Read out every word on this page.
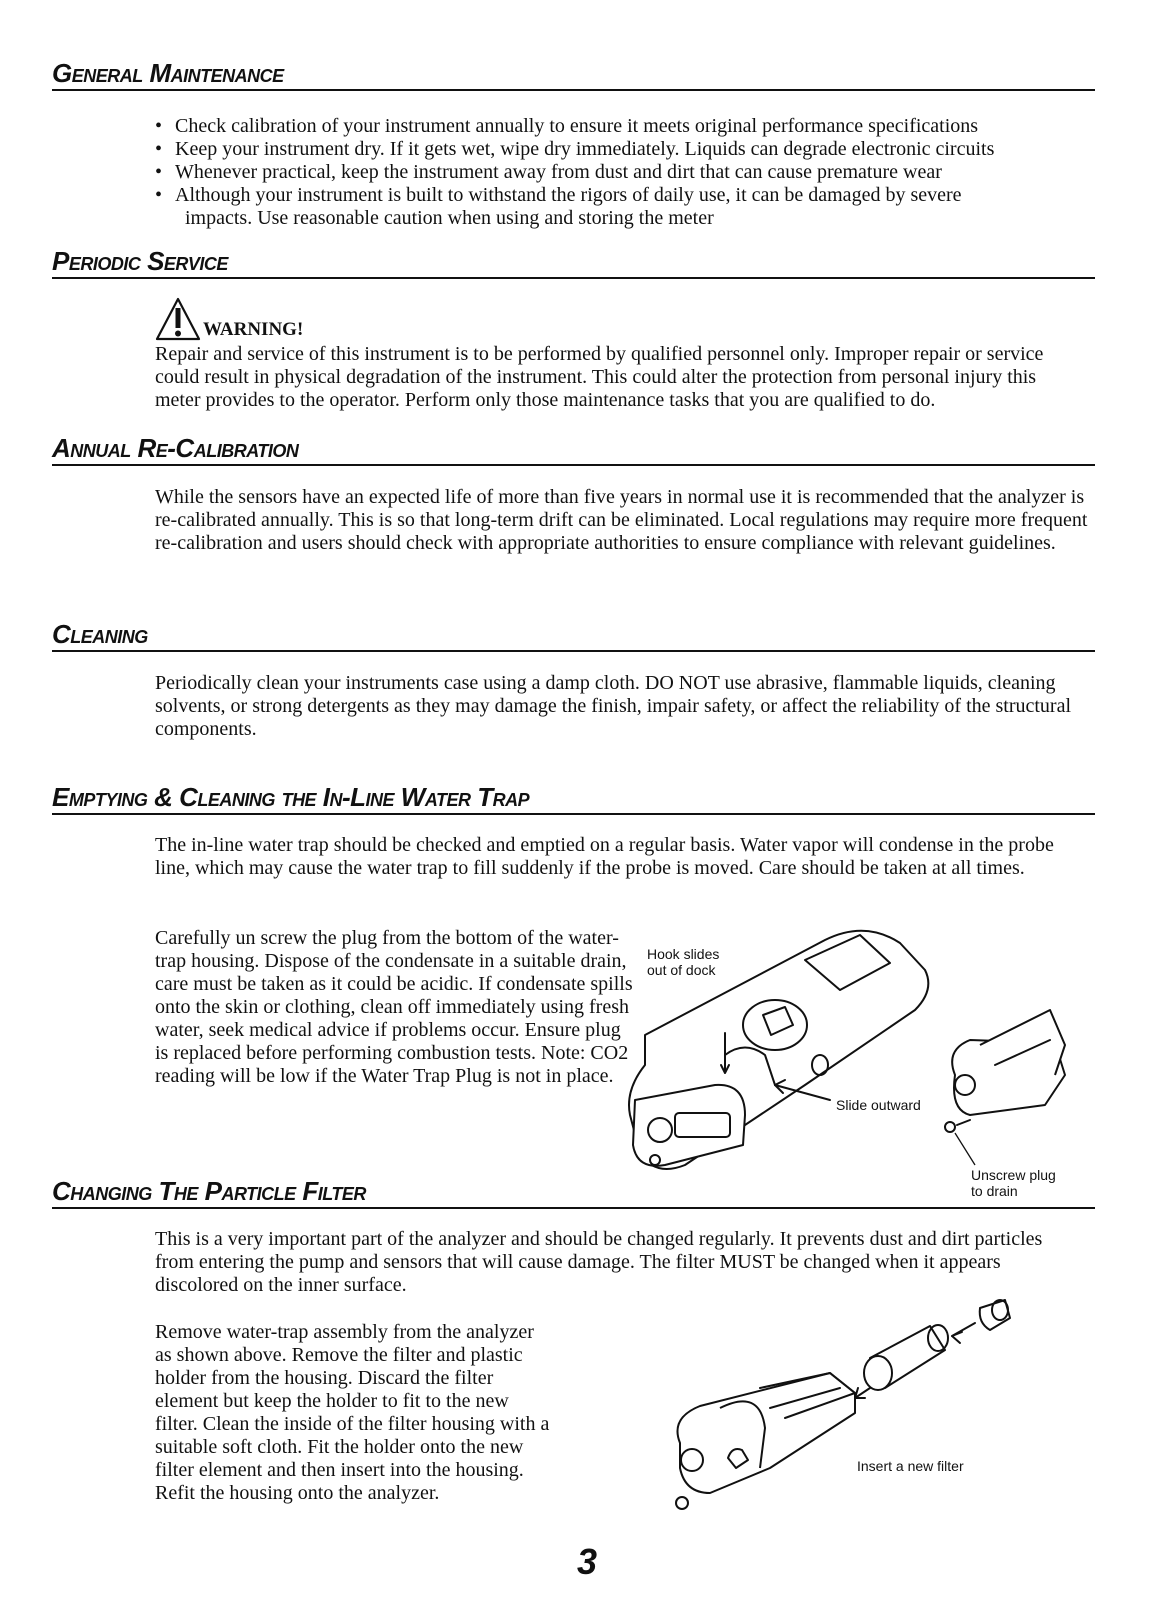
General Maintenance
• Check calibration of your instrument annually to ensure it meets original performance specifications
• Keep your instrument dry. If it gets wet, wipe dry immediately. Liquids can degrade electronic circuits
• Whenever practical, keep the instrument away from dust and dirt that can cause premature wear
• Although your instrument is built to withstand the rigors of daily use, it can be damaged by severe
impacts. Use reasonable caution when using and storing the meter
Periodic Service
WARNING!

Repair and service of this instrument is to be performed by qualified personnel only. Improper repair or service could result in physical degradation of the instrument. This could alter the protection from personal injury this meter provides to the operator. Perform only those maintenance tasks that you are qualified to do.

Annual Re-Calibration

While the sensors have an expected life of more than five years in normal use it is recommended that the analyzer is re-calibrated annually. This is so that long-term drift can be eliminated. Local regulations may require more frequent re-calibration and users should check with appropriate authorities to ensure compliance with relevant guidelines.

Cleaning

Periodically clean your instruments case using a damp cloth. DO NOT use abrasive, flammable liquids, cleaning solvents, or strong detergents as they may damage the finish, impair safety, or affect the reliability of the structural components.

Emptying & Cleaning the In-Line Water Trap

The in-line water trap should be checked and emptied on a regular basis. Water vapor will condense in the probe line, which may cause the water trap to fill suddenly if the probe is moved. Care should be taken at all times.

Carefully un screw the plug from the bottom of the water-trap housing. Dispose of the condensate in a suitable drain, care must be taken as it could be acidic. If condensate spills onto the skin or clothing, clean off immediately using fresh water, seek medical advice if problems occur. Ensure plug is replaced before performing combustion tests. Note: CO2 reading will be low if the Water Trap Plug is not in place.

Hook slides
out of dock
Slide outward
Unscrew plug
to drain
Changing The Particle Filter

This is a very important part of the analyzer and should be changed regularly. It prevents dust and dirt particles from entering the pump and sensors that will cause damage. The filter MUST be changed when it appears discolored on the inner surface.

Remove water-trap assembly from the analyzer as shown above. Remove the filter and plastic holder from the housing. Discard the filter element but keep the holder to fit to the new filter. Clean the inside of the filter housing with a suitable soft cloth. Fit the holder onto the new filter element and then insert into the housing. Refit the housing onto the analyzer.

Insert a new filter
3
